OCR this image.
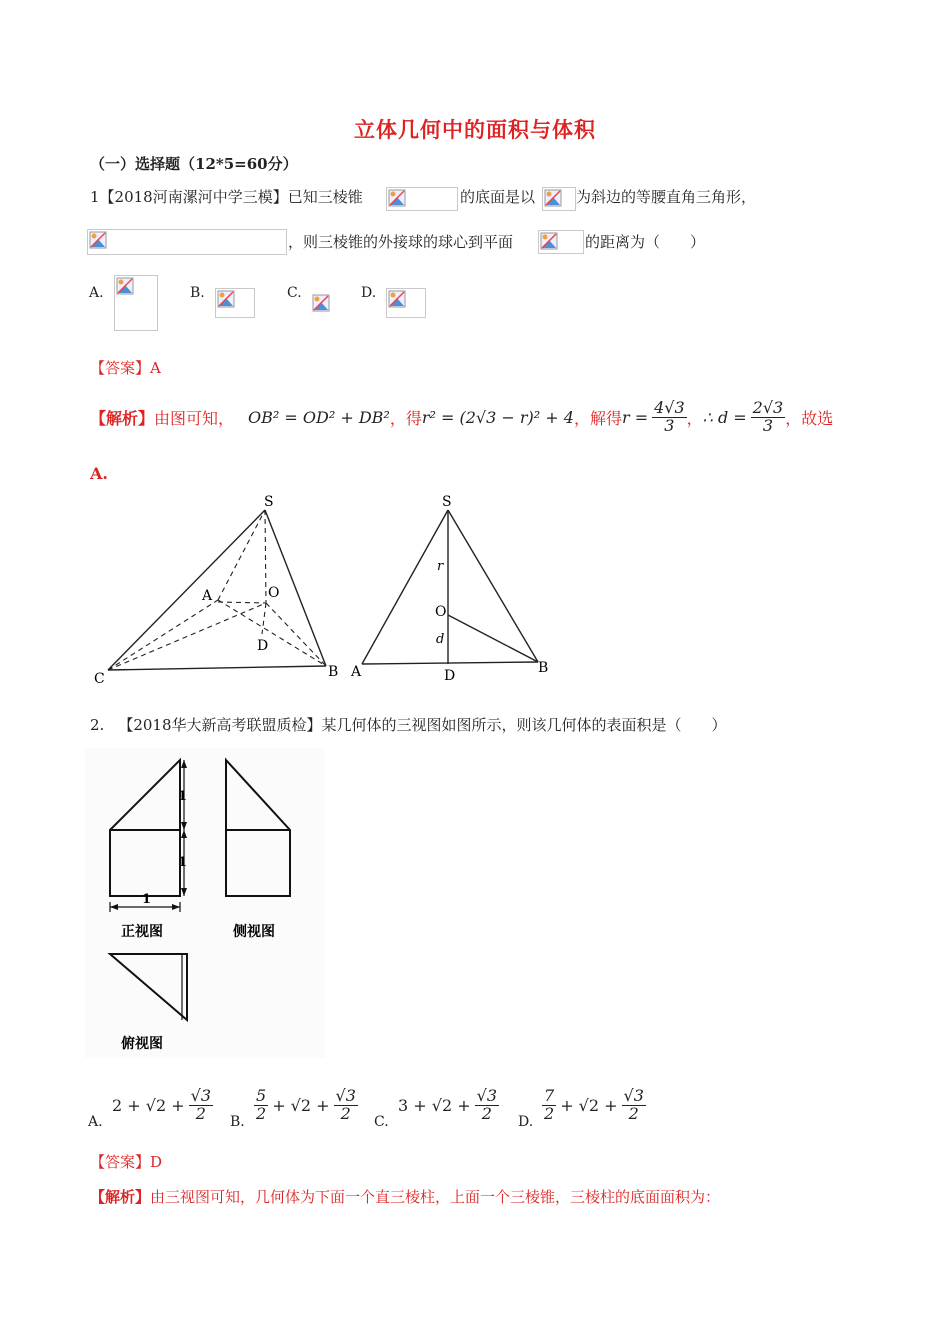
立体几何中的面积与体积
（一）选择题（12*5=60分）
1【2018河南漯河中学三模】已知三棱锥	的底面是以	为斜边的等腰直角三角形，
，则三棱锥的外接球的球心到平面	的距离为（　　）
A.	B.	C.	D.
【答案】A
【解析】 由图可知， OB² = OD² + DB² ，得 r² = (2√3 − r)² + 4 ，解得 $r = \frac{4√3}{3}$ ， ∴ $d = \frac{2√3}{3}$ ，故选
A.
S
A	O
D
C	B
S
r
O
d
A	D	B
2. 【2018华大新高考联盟质检】某几何体的三视图如图所示，则该几何体的表面积是（　　）
1
1
1
正视图	侧视图
俯视图
A.
$2 + √2 + \frac{√3}{2} B$. $\frac{5}{2} + √2 + \frac{√3}{2} C$.
$3 + √2 + \frac{√3}{2} D$. $\frac{7}{2} + √2 + \frac{√3}{2}$
【答案】D
【解析】由三视图可知，几何体为下面一个直三棱柱，上面一个三棱锥，三棱柱的底面面积为：
